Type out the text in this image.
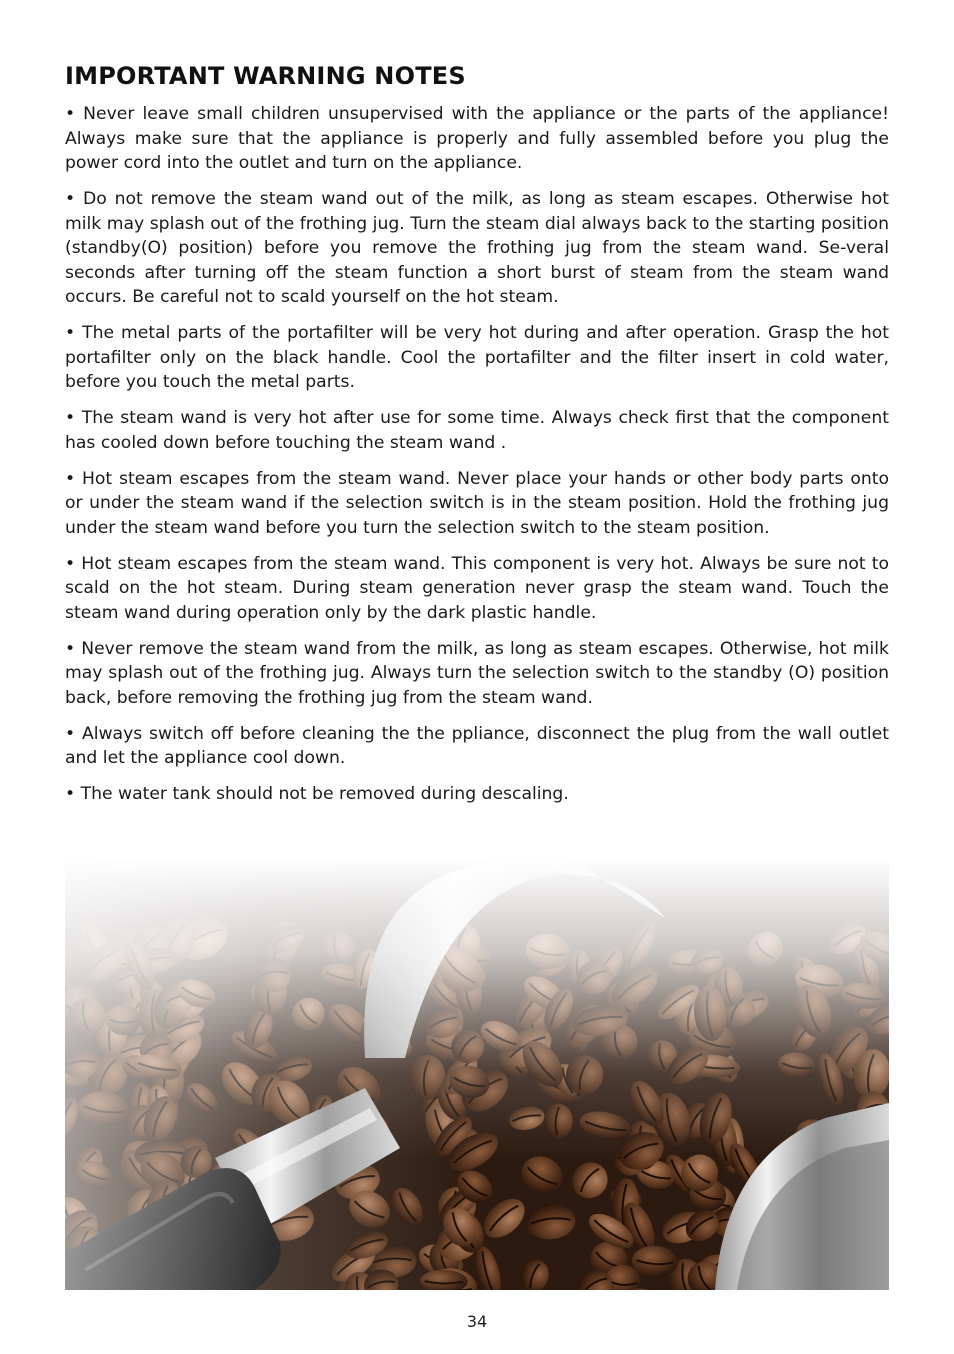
IMPORTANT WARNING NOTES

• Never leave small children unsupervised with the appliance or the parts of the appliance! Always make sure that the appliance is properly and fully assembled before you plug the power cord into the outlet and turn on the appliance.

• Do not remove the steam wand out of the milk, as long as steam escapes. Otherwise hot milk may splash out of the frothing jug. Turn the steam dial always back to the starting position (standby(O) position) before you remove the frothing jug from the steam wand. Se-veral seconds after turning off the steam function a short burst of steam from the steam wand occurs. Be careful not to scald yourself on the hot steam.

• The metal parts of the portafilter will be very hot during and after operation. Grasp the hot portafilter only on the black handle. Cool the portafilter and the filter insert in cold water, before you touch the metal parts.

• The steam wand is very hot after use for some time. Always check first that the component has cooled down before touching the steam wand .

• Hot steam escapes from the steam wand. Never place your hands or other body parts onto or under the steam wand if the selection switch is in the steam position. Hold the frothing jug under the steam wand before you turn the selection switch to the steam position.

• Hot steam escapes from the steam wand. This component is very hot. Always be sure not to scald on the hot steam. During steam generation never grasp the steam wand. Touch the steam wand during operation only by the dark plastic handle.

• Never remove the steam wand from the milk, as long as steam escapes. Otherwise, hot milk may splash out of the frothing jug. Always turn the selection switch to the standby (O) position back, before removing the frothing jug from the steam wand.

• Always switch off before cleaning the the ppliance, disconnect the plug from the wall outlet and let the appliance cool down.

• The water tank should not be removed during descaling.

34
